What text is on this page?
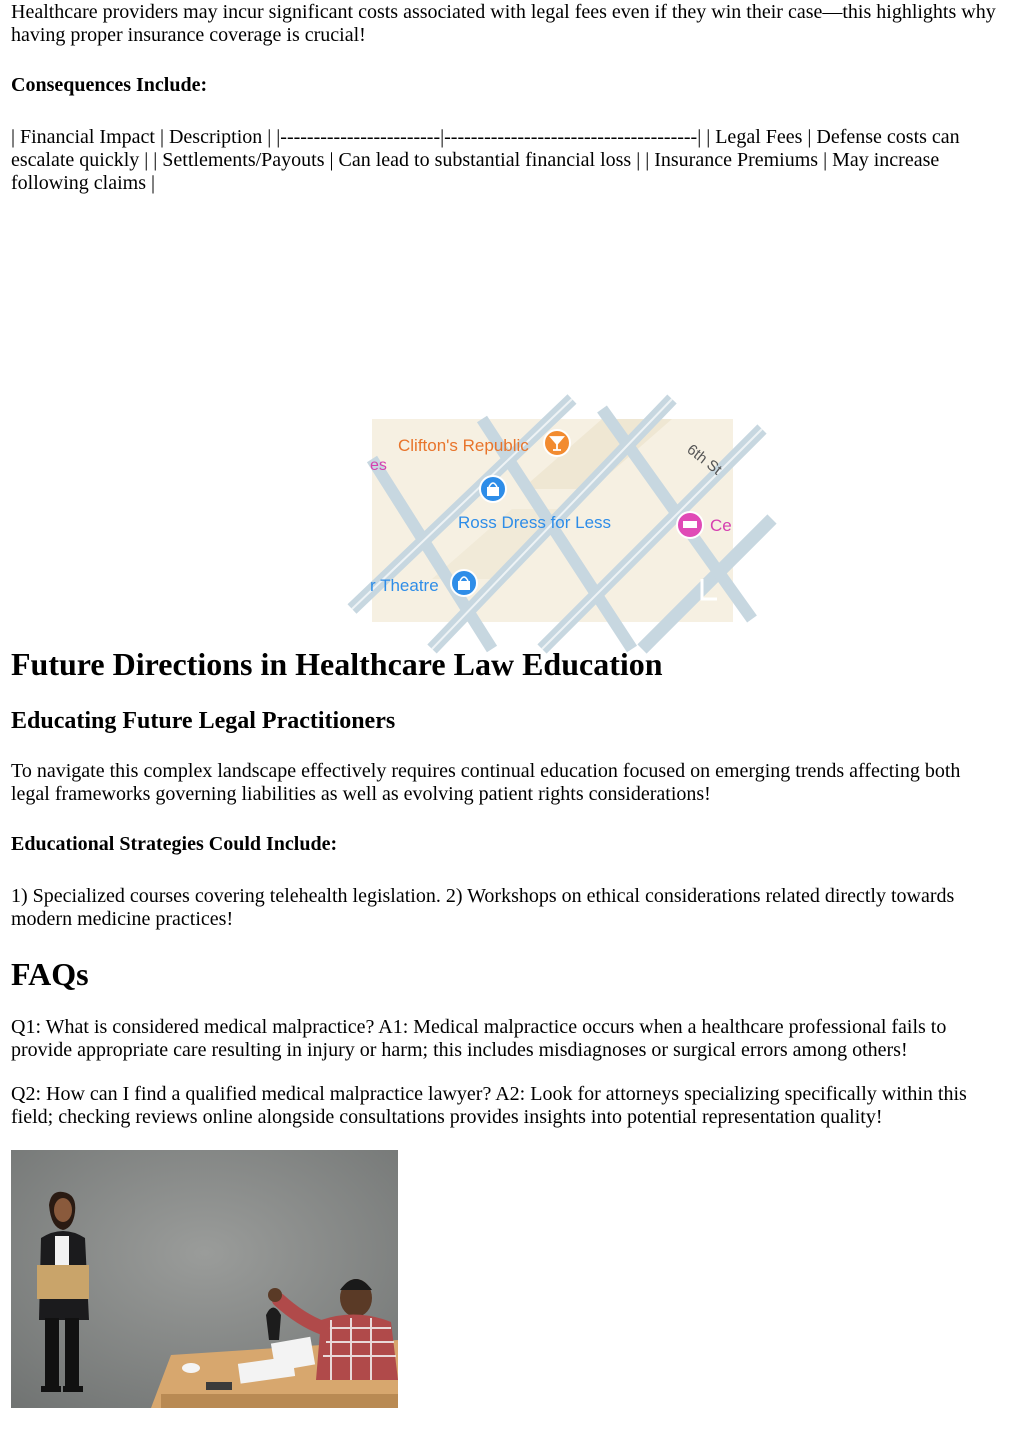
Healthcare providers may incur significant costs associated with legal fees even if they win their case—this highlights why having proper insurance coverage is crucial!

Consequences Include:

| Financial Impact | Description | |------------------------|--------------------------------------| | Legal Fees | Defense costs can escalate quickly | | Settlements/Payouts | Can lead to substantial financial loss | | Insurance Premiums | May increase following claims |

Future Directions in Healthcare Law Education
Educating Future Legal Practitioners

To navigate this complex landscape effectively requires continual education focused on emerging trends affecting both legal frameworks governing liabilities as well as evolving patient rights considerations!

Educational Strategies Could Include:

1) Specialized courses covering telehealth legislation. 2) Workshops on ethical considerations related directly towards modern medicine practices!

FAQs

Q1: What is considered medical malpractice? A1: Medical malpractice occurs when a healthcare professional fails to provide appropriate care resulting in injury or harm; this includes misdiagnoses or surgical errors among others!

Q2: How can I find a qualified medical malpractice lawyer? A2: Look for attorneys specializing specifically within this field; checking reviews online alongside consultations provides insights into potential representation quality!

Clifton's Republic
es
Ross Dress for Less	Ce
r Theatre
6th St
